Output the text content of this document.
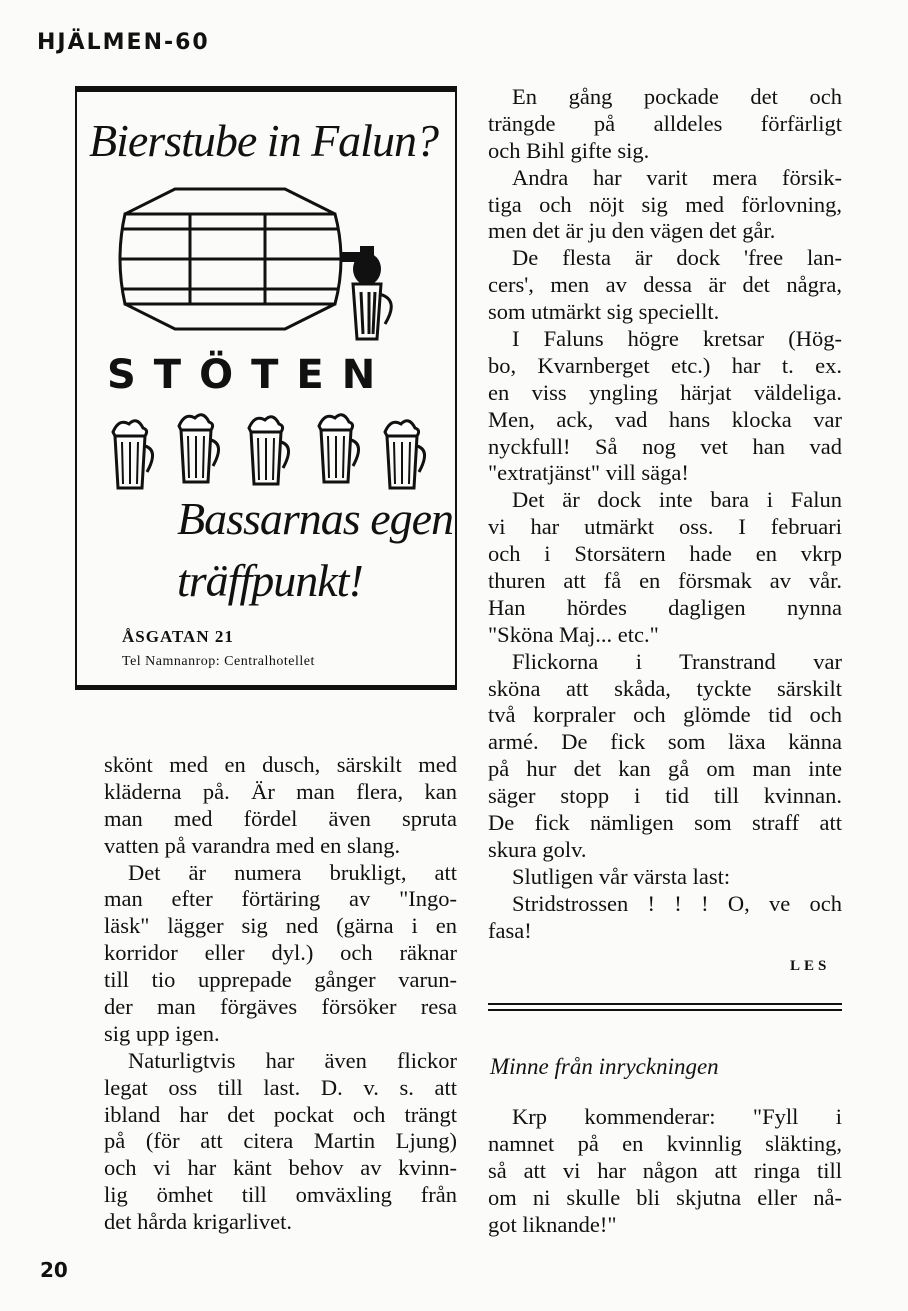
HJÄLMEN-60
Bierstube in Falun?
STÖTEN
Bassarnas egen
träffpunkt!
ÅSGATAN 21
Tel Namnanrop: Centralhotellet
skönt med en dusch, särskilt med
kläderna på. Är man flera, kan
man med fördel även spruta
vatten på varandra med en slang.
Det är numera brukligt, att
man efter förtäring av "Ingo-
läsk" lägger sig ned (gärna i en
korridor eller dyl.) och räknar
till tio upprepade gånger varun-
der man förgäves försöker resa
sig upp igen.
Naturligtvis har även flickor
legat oss till last. D. v. s. att
ibland har det pockat och trängt
på (för att citera Martin Ljung)
och vi har känt behov av kvinn-
lig ömhet till omväxling från
det hårda krigarlivet.
En gång pockade det och
trängde på alldeles förfärligt
och Bihl gifte sig.
Andra har varit mera försik-
tiga och nöjt sig med förlovning,
men det är ju den vägen det går.
De flesta är dock 'free lan-
cers', men av dessa är det några,
som utmärkt sig speciellt.
I Faluns högre kretsar (Hög-
bo, Kvarnberget etc.) har t. ex.
en viss yngling härjat väldeliga.
Men, ack, vad hans klocka var
nyckfull! Så nog vet han vad
"extratjänst" vill säga!
Det är dock inte bara i Falun
vi har utmärkt oss. I februari
och i Storsätern hade en vkrp
thuren att få en försmak av vår.
Han hördes dagligen nynna
"Sköna Maj... etc."
Flickorna i Transtrand var
sköna att skåda, tyckte särskilt
två korpraler och glömde tid och
armé. De fick som läxa känna
på hur det kan gå om man inte
säger stopp i tid till kvinnan.
De fick nämligen som straff att
skura golv.
Slutligen vår värsta last:
Stridstrossen ! ! ! O, ve och
fasa!
LES
Minne från inryckningen
Krp kommenderar: "Fyll i
namnet på en kvinnlig släkting,
så att vi har någon att ringa till
om ni skulle bli skjutna eller nå-
got liknande!"
20
